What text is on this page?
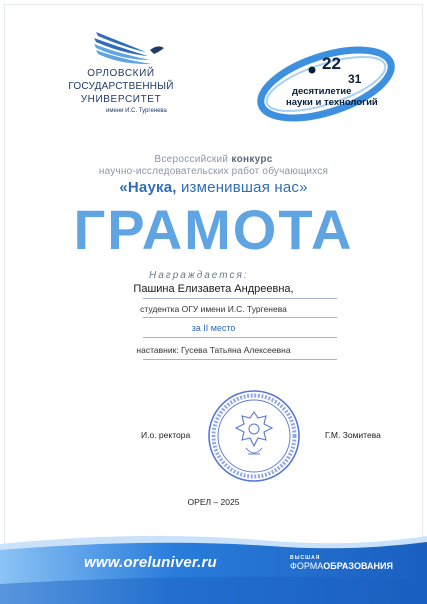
ОРЛОВСКИЙ
ГОСУДАРСТВЕННЫЙ
УНИВЕРСИТЕТ
имени И.С. Тургенева
22
31
десятилетие
науки и технологий
Всероссийский конкурс
научно-исследовательских работ обучающихся
«Наука, изменившая нас»
ГРАМОТА
Награждается:
Пашина Елизавета Андреевна,
студентка ОГУ имени И.С. Тургенева
за II место
наставник: Гусева Татьяна Алексеевна
И.о. ректора	Г.М. Зомитева
ОРЕЛ – 2025
www.oreluniver.ru	ВЫСШАЯ
ФОРМАОБРАЗОВАНИЯ
